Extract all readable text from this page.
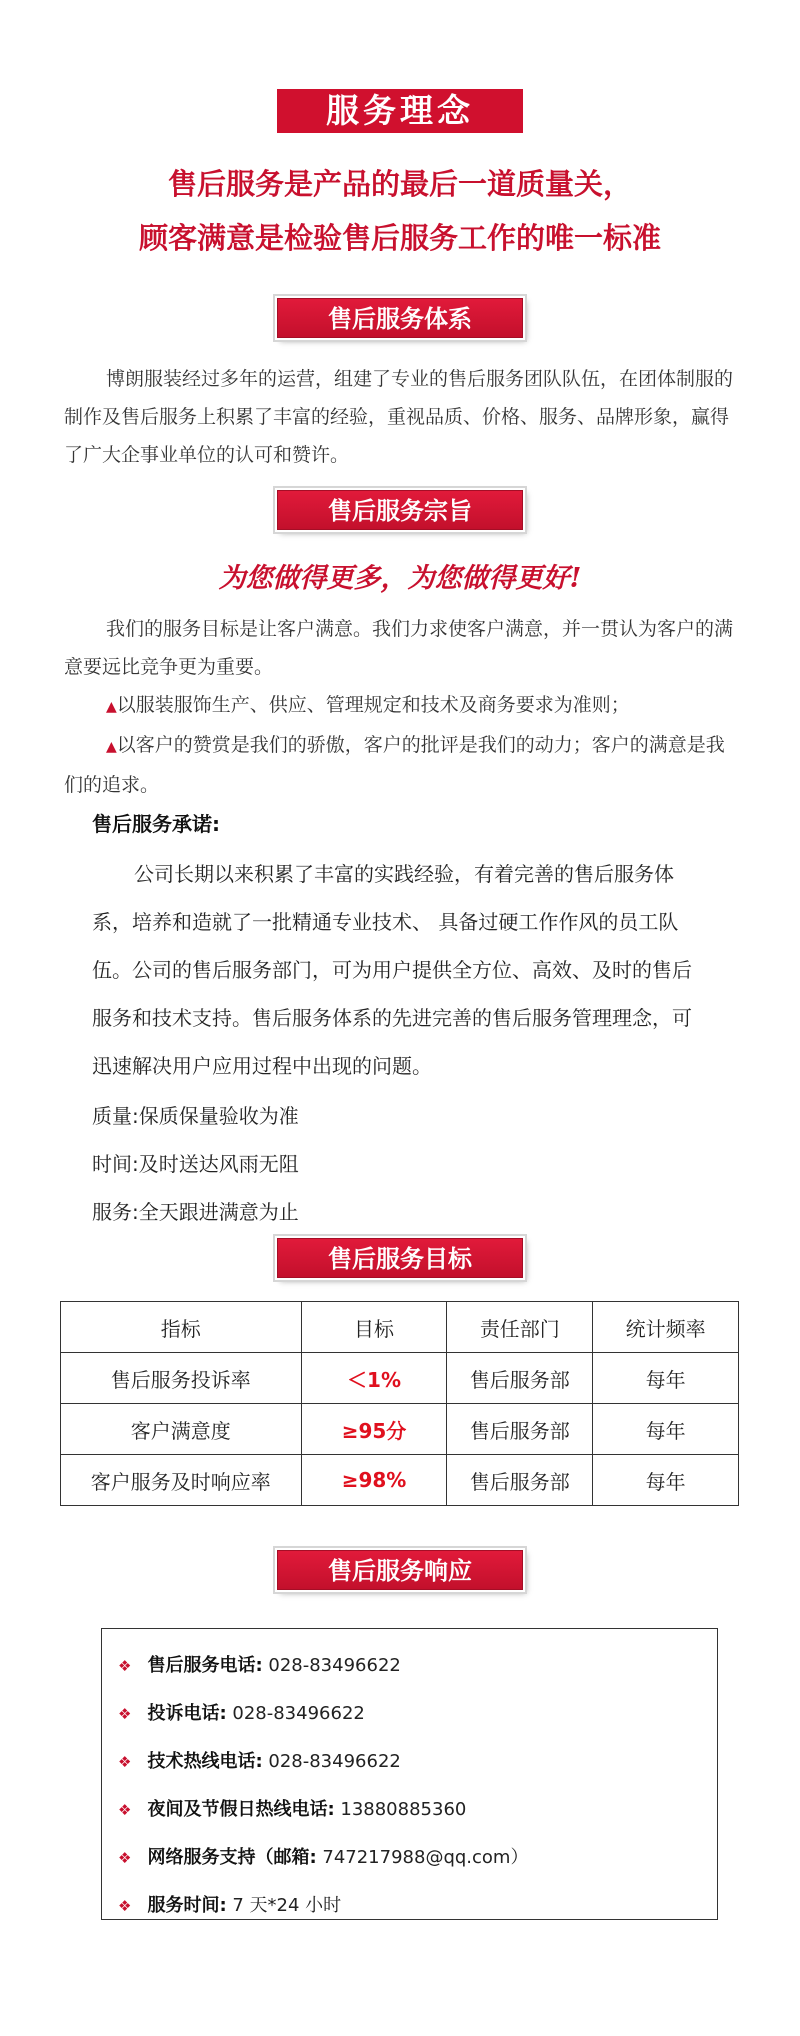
服务理念
售后服务是产品的最后一道质量关，
顾客满意是检验售后服务工作的唯一标准
售后服务体系
博朗服装经过多年的运营，组建了专业的售后服务团队队伍，在团体制服的
制作及售后服务上积累了丰富的经验，重视品质、价格、服务、品牌形象，赢得
了广大企事业单位的认可和赞许。
售后服务宗旨
为您做得更多，为您做得更好!
我们的服务目标是让客户满意。我们力求使客户满意，并一贯认为客户的满
意要远比竞争更为重要。
▲以服装服饰生产、供应、管理规定和技术及商务要求为准则；
▲以客户的赞赏是我们的骄傲，客户的批评是我们的动力；客户的满意是我
们的追求。
售后服务承诺:
公司长期以来积累了丰富的实践经验，有着完善的售后服务体
系，培养和造就了一批精通专业技术、 具备过硬工作作风的员工队
伍。公司的售后服务部门，可为用户提供全方位、高效、及时的售后
服务和技术支持。售后服务体系的先进完善的售后服务管理理念，可
迅速解决用户应用过程中出现的问题。
质量:保质保量验收为准
时间:及时送达风雨无阻
服务:全天跟进满意为止
售后服务目标
指标	目标	责任部门	统计频率
售后服务投诉率	＜1%	售后服务部	每年
客户满意度	≥95分	售后服务部	每年
客户服务及时响应率	≥98%	售后服务部	每年
售后服务响应
❖ 售后服务电话: 028-83496622
❖ 投诉电话: 028-83496622
❖ 技术热线电话: 028-83496622
❖ 夜间及节假日热线电话: 13880885360
❖ 网络服务支持（邮箱: 747217988@qq.com）
❖ 服务时间: 7 天*24 小时
